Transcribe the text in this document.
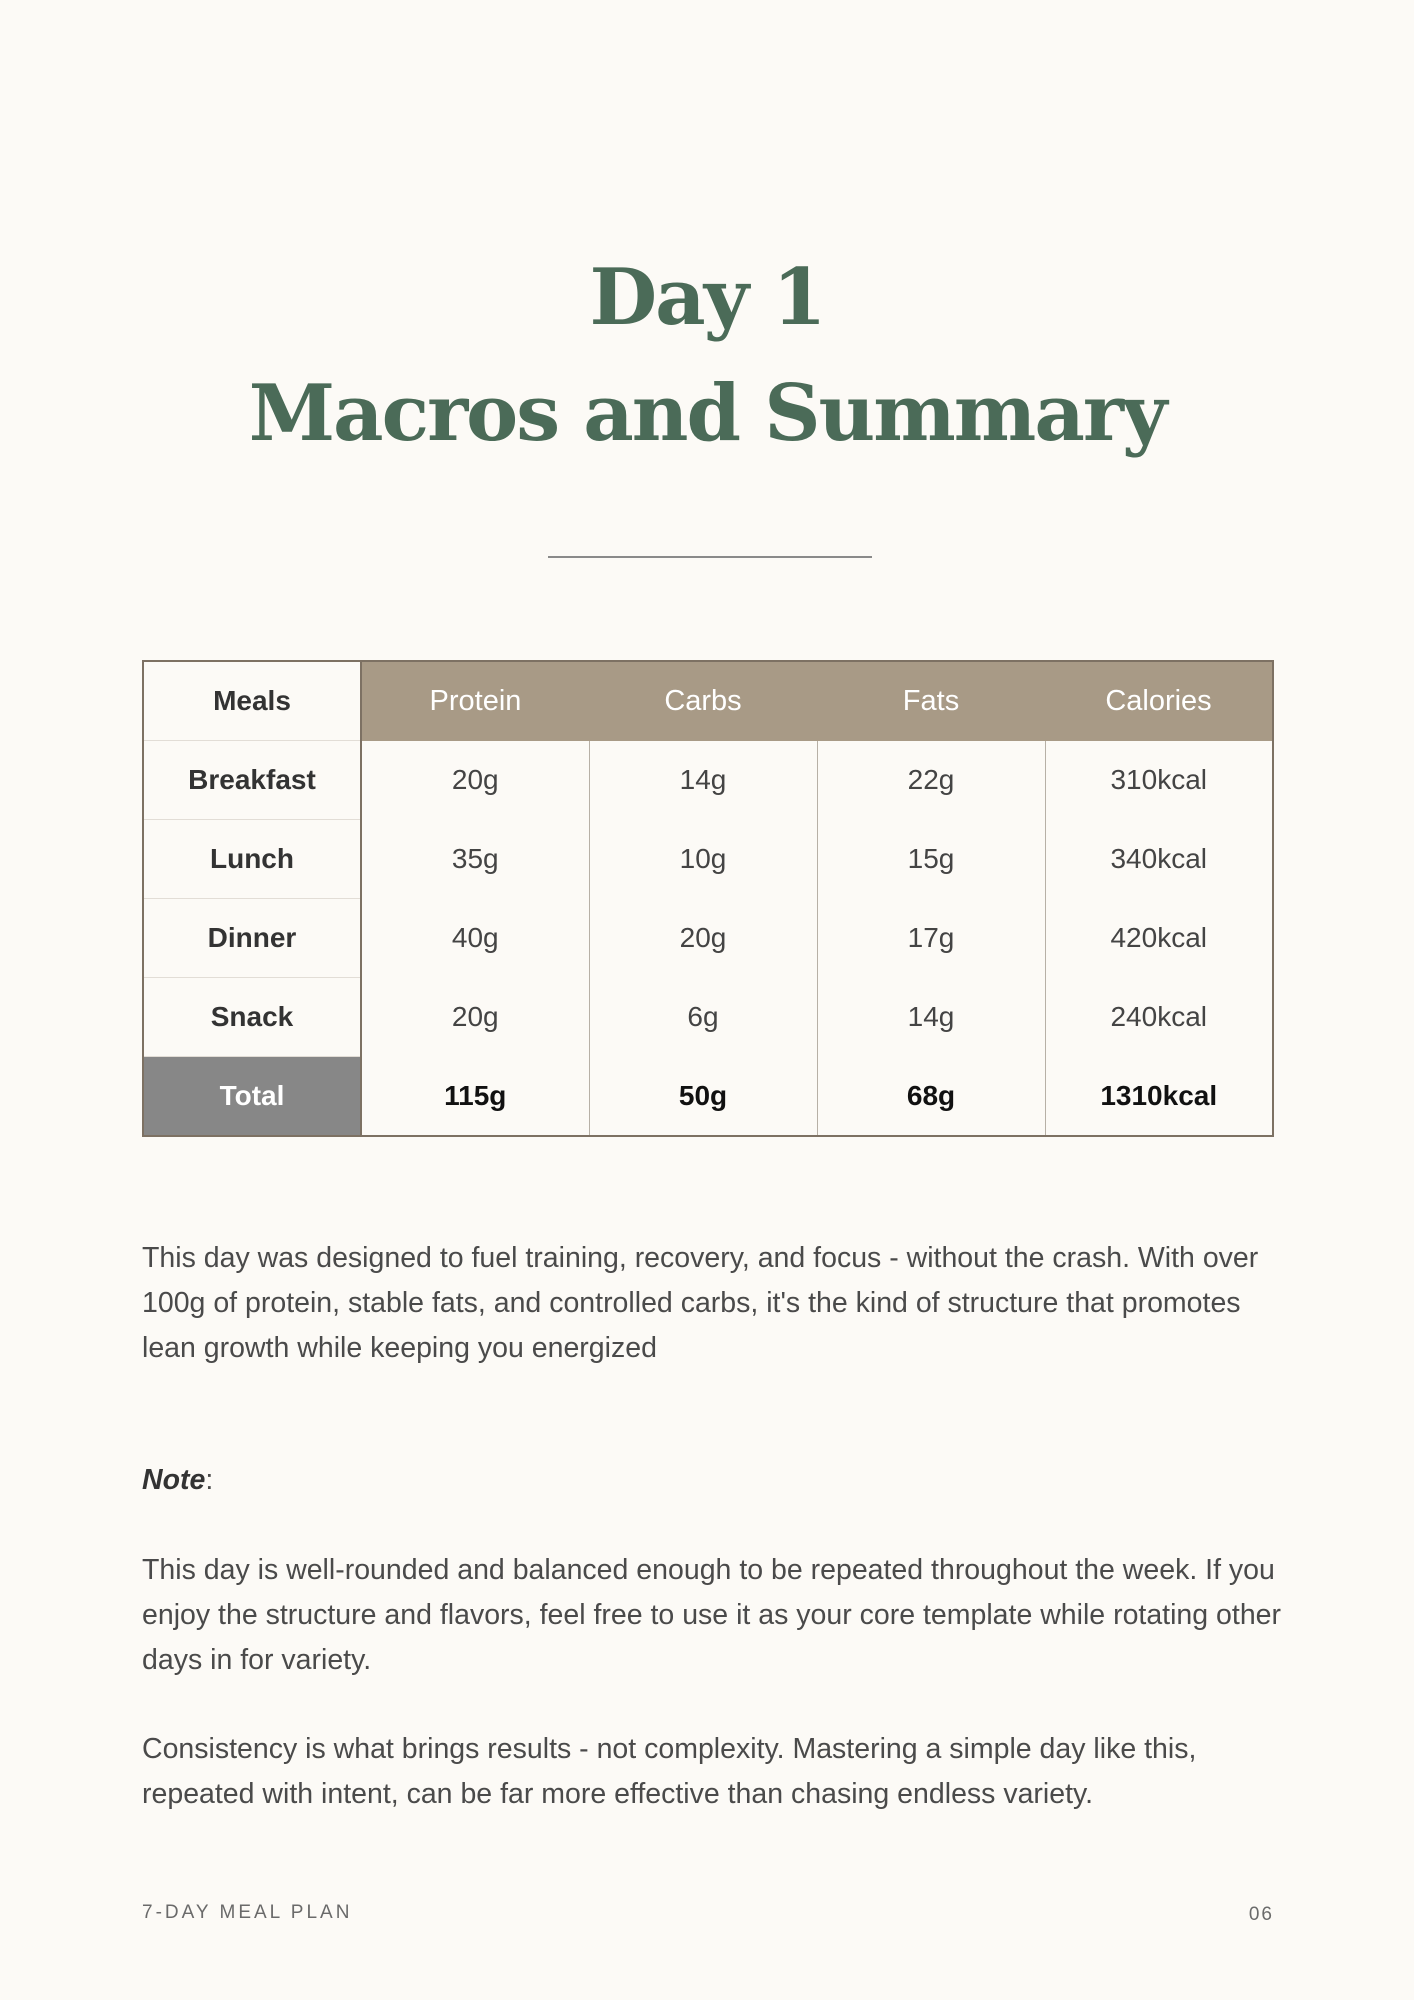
Day 1
Macros and Summary
Meals	Protein	Carbs	Fats	Calories
Breakfast	20g	14g	22g	310kcal
Lunch	35g	10g	15g	340kcal
Dinner	40g	20g	17g	420kcal
Snack	20g	6g	14g	240kcal
Total	115g	50g	68g	1310kcal

This day was designed to fuel training, recovery, and focus - without the crash. With over 100g of protein, stable fats, and controlled carbs, it's the kind of structure that promotes lean growth while keeping you energized

Note:

This day is well-rounded and balanced enough to be repeated throughout the week. If you enjoy the structure and flavors, feel free to use it as your core template while rotating other days in for variety.

Consistency is what brings results - not complexity. Mastering a simple day like this, repeated with intent, can be far more effective than chasing endless variety.

7-DAY MEAL PLAN	06
